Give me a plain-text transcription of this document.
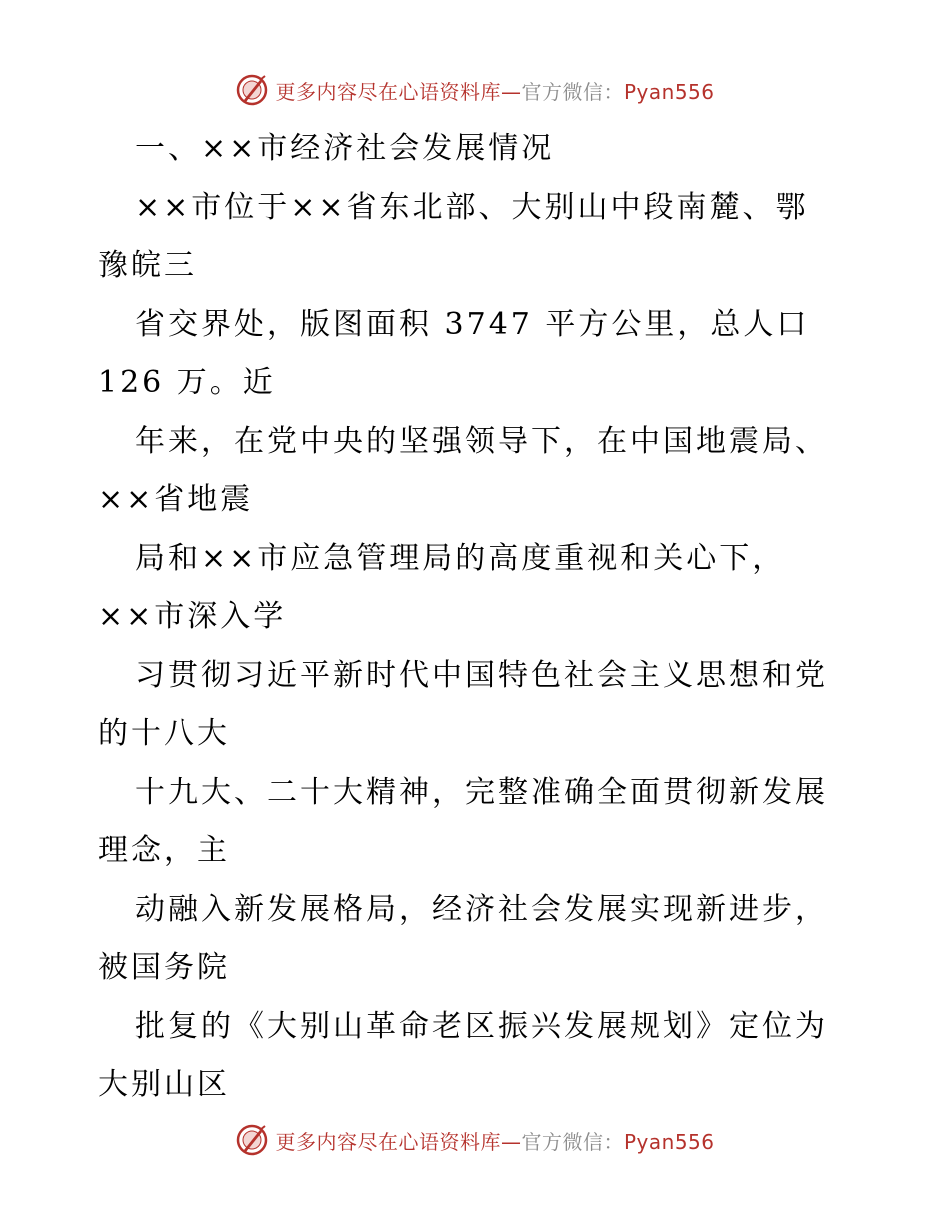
更多内容尽在心语资料库—官方微信：Pyan556
一、××市经济社会发展情况
××市位于××省东北部、大别山中段南麓、鄂
豫皖三
省交界处，版图面积 3747 平方公里，总人口
126 万。近
年来，在党中央的坚强领导下，在中国地震局、
××省地震
局和××市应急管理局的高度重视和关心下，
××市深入学
习贯彻习近平新时代中国特色社会主义思想和党
的十八大
十九大、二十大精神，完整准确全面贯彻新发展
理念，主
动融入新发展格局，经济社会发展实现新进步，
被国务院
批复的《大别山革命老区振兴发展规划》定位为
大别山区
更多内容尽在心语资料库—官方微信：Pyan556
